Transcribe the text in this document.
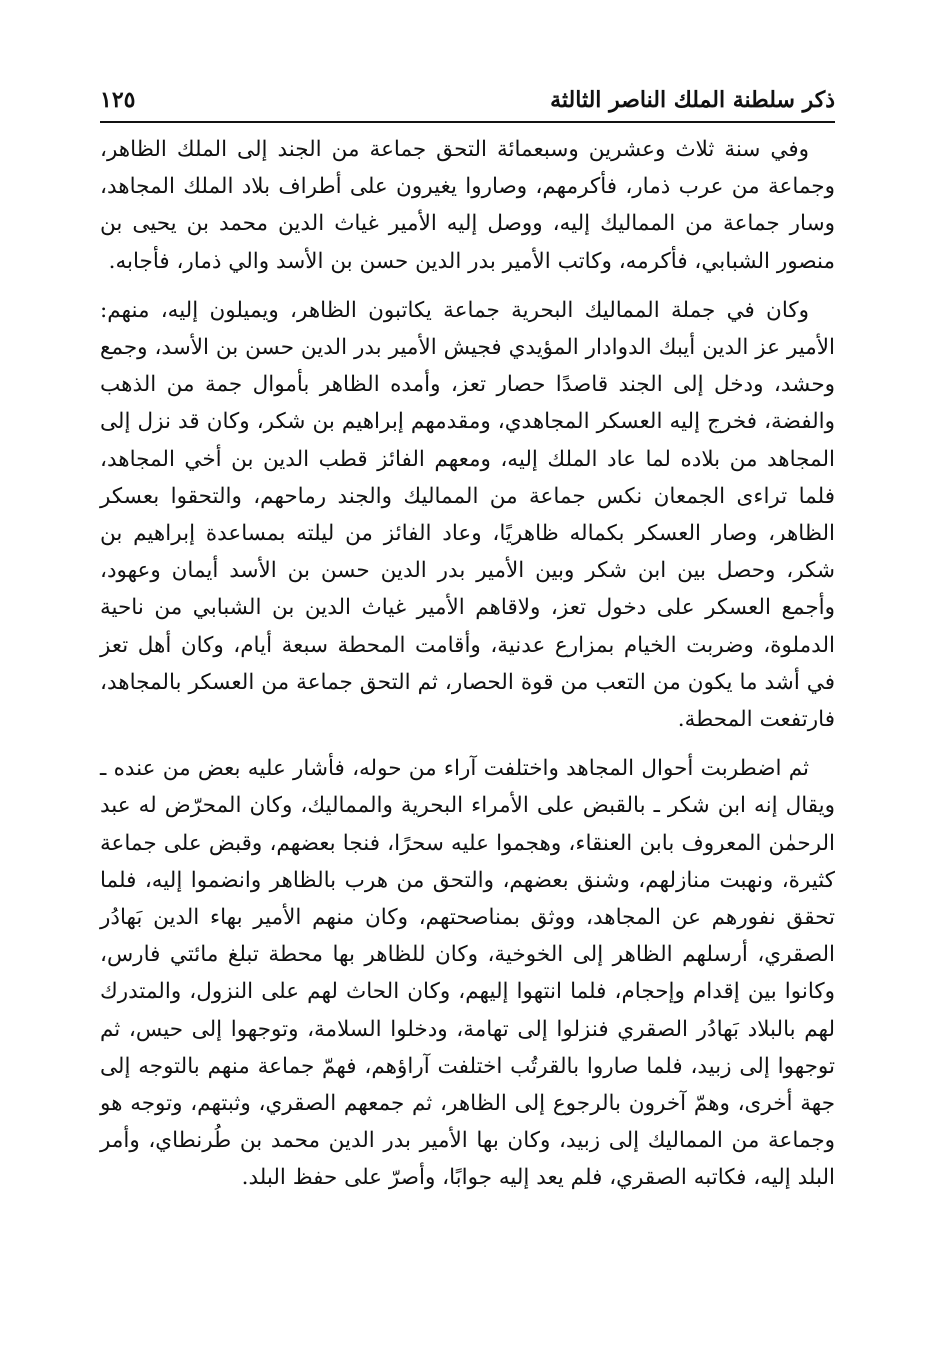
ذكر سلطنة الملك الناصر الثالثة
١٢٥

وفي سنة ثلاث وعشرين وسبعمائة التحق جماعة من الجند إلى الملك الظاهر، وجماعة من عرب ذمار، فأكرمهم، وصاروا يغيرون على أطراف بلاد الملك المجاهد، وسار جماعة من المماليك إليه، ووصل إليه الأمير غياث الدين محمد بن يحيى بن منصور الشبابي، فأكرمه، وكاتب الأمير بدر الدين حسن بن الأسد والي ذمار، فأجابه.

وكان في جملة المماليك البحرية جماعة يكاتبون الظاهر، ويميلون إليه، منهم: الأمير عز الدين أيبك الدوادار المؤيدي فجيش الأمير بدر الدين حسن بن الأسد، وجمع وحشد، ودخل إلى الجند قاصدًا حصار تعز، وأمده الظاهر بأموال جمة من الذهب والفضة، فخرج إليه العسكر المجاهدي، ومقدمهم إبراهيم بن شكر، وكان قد نزل إلى المجاهد من بلاده لما عاد الملك إليه، ومعهم الفائز قطب الدين بن أخي المجاهد، فلما تراءى الجمعان نكس جماعة من المماليك والجند رماحهم، والتحقوا بعسكر الظاهر، وصار العسكر بكماله ظاهريًا، وعاد الفائز من ليلته بمساعدة إبراهيم بن شكر، وحصل بين ابن شكر وبين الأمير بدر الدين حسن بن الأسد أيمان وعهود، وأجمع العسكر على دخول تعز، ولاقاهم الأمير غياث الدين بن الشبابي من ناحية الدملوة، وضربت الخيام بمزارع عدنية، وأقامت المحطة سبعة أيام، وكان أهل تعز في أشد ما يكون من التعب من قوة الحصار، ثم التحق جماعة من العسكر بالمجاهد، فارتفعت المحطة.

ثم اضطربت أحوال المجاهد واختلفت آراء من حوله، فأشار عليه بعض من عنده ـ ويقال إنه ابن شكر ـ بالقبض على الأمراء البحرية والمماليك، وكان المحرّض له عبد الرحمٰن المعروف بابن العنقاء، وهجموا عليه سحرًا، فنجا بعضهم، وقبض على جماعة كثيرة، ونهبت منازلهم، وشنق بعضهم، والتحق من هرب بالظاهر وانضموا إليه، فلما تحقق نفورهم عن المجاهد، ووثق بمناصحتهم، وكان منهم الأمير بهاء الدين بَهادُر الصقري، أرسلهم الظاهر إلى الخوخية، وكان للظاهر بها محطة تبلغ مائتي فارس، وكانوا بين إقدام وإحجام، فلما انتهوا إليهم، وكان الحاث لهم على النزول، والمتدرك لهم بالبلاد بَهادُر الصقري فنزلوا إلى تهامة، ودخلوا السلامة، وتوجهوا إلى حيس، ثم توجهوا إلى زبيد، فلما صاروا بالقرتُب اختلفت آراؤهم، فهمّ جماعة منهم بالتوجه إلى جهة أخرى، وهمّ آخرون بالرجوع إلى الظاهر، ثم جمعهم الصقري، وثبتهم، وتوجه هو وجماعة من المماليك إلى زبيد، وكان بها الأمير بدر الدين محمد بن طُرنطاي، وأمر البلد إليه، فكاتبه الصقري، فلم يعد إليه جوابًا، وأصرّ على حفظ البلد.
